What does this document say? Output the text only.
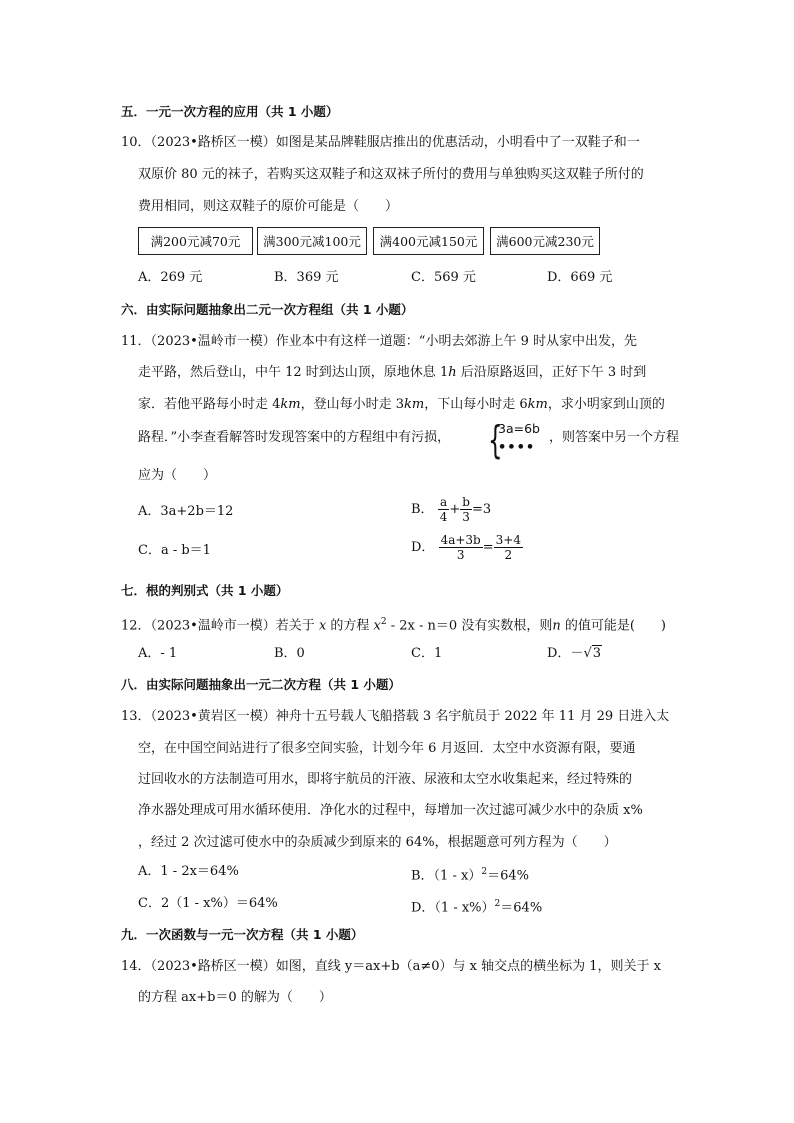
五．一元一次方程的应用（共 1 小题）
10．（2023•路桥区一模）如图是某品牌鞋服店推出的优惠活动，小明看中了一双鞋子和一
双原价 80 元的袜子，若购买这双鞋子和这双袜子所付的费用与单独购买这双鞋子所付的
费用相同，则这双鞋子的原价可能是（　　）
满200元减70元	满300元减100元	满400元减150元	满600元减230元
A．269 元	B．369 元	C．569 元	D．669 元
六．由实际问题抽象出二元一次方程组（共 1 小题）
11．（2023•温岭市一模）作业本中有这样一道题：“小明去郊游上午 9 时从家中出发，先
走平路，然后登山，中午 12 时到达山顶，原地休息 1h 后沿原路返回，正好下午 3 时到
家．若他平路每小时走 4km，登山每小时走 3km，下山每小时走 6km，求小明家到山顶的
路程．”小李查看解答时发现答案中的方程组中有污损， {
3a=6b
••••
，则答案中另一个方程
应为（　　）
A．3a+2b＝12	B． $\frac{a}{4} + \frac{b}{3} =3$
C．a - b＝1	D． $\frac{4a+3b}{3} = \frac{3+4}{2}$
七．根的判别式（共 1 小题）
12．（2023•温岭市一模）若关于 x 的方程 $x^2 - 2x - n=0$ 没有实数根，则n 的值可能是(　　)
A．- 1	B．0	C．1	D．－√3
八．由实际问题抽象出一元二次方程（共 1 小题）
13．（2023•黄岩区一模）神舟十五号载人飞船搭载 3 名宇航员于 2022 年 11 月 29 日进入太
空，在中国空间站进行了很多空间实验，计划今年 6 月返回．太空中水资源有限，要通
过回收水的方法制造可用水，即将宇航员的汗液、尿液和太空水收集起来，经过特殊的
净水器处理成可用水循环使用．净化水的过程中，每增加一次过滤可减少水中的杂质 x%
，经过 2 次过滤可使水中的杂质减少到原来的 64%，根据题意可列方程为（　　）
A．1 - 2x＝64%	B．（1 - x）$^2$＝64%
C．2（1 - x%）＝64%	D．（1 - x%）$^2$＝64%
九．一次函数与一元一次方程（共 1 小题）
14．（2023•路桥区一模）如图，直线 y＝ax+b（a≠0）与 x 轴交点的横坐标为 1，则关于 x
的方程 ax+b＝0 的解为（　　）
